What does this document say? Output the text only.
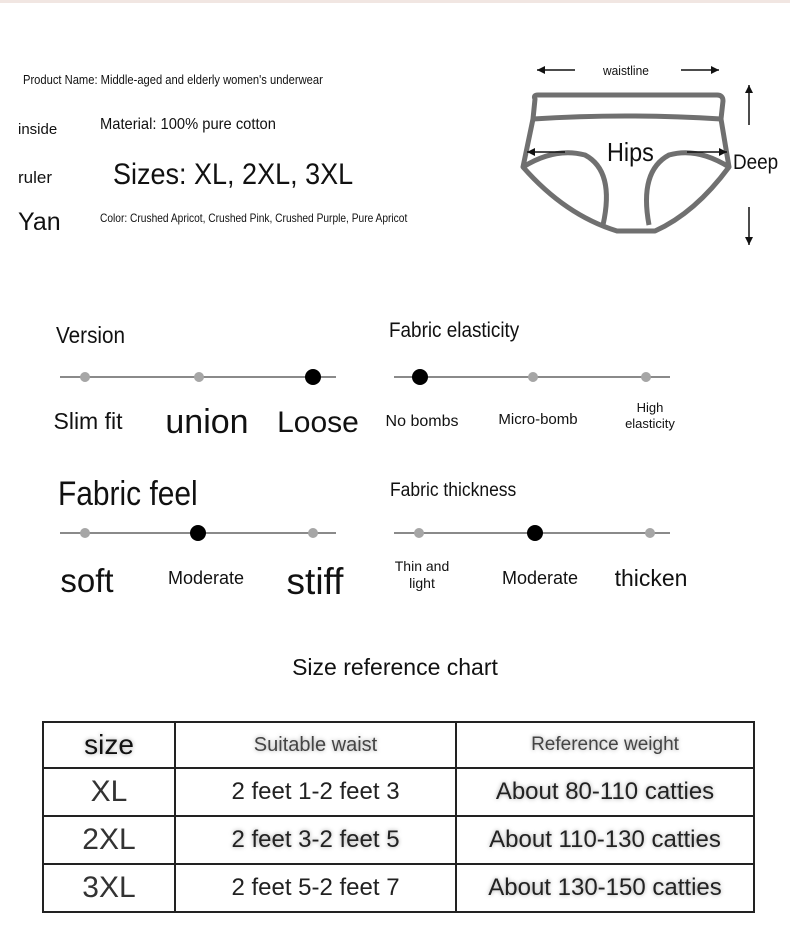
Product Name: Middle-aged and elderly women's underwear
inside
ruler
Yan
Material: 100% pure cotton
Sizes: XL, 2XL, 3XL
Color: Crushed Apricot, Crushed Pink, Crushed Purple, Pure Apricot
waistline
Hips	Deep
Version
Slim fit union Loose
Fabric elasticity
No bombs	Micro-bomb
High elasticity
Fabric feel
soft	Moderate stiff
Fabric thickness
Thin and light	Moderate thicken
Size reference chart
size	Suitable waist	Reference weight
XL	2 feet 1-2 feet 3	About 80-110 catties
2XL	2 feet 3-2 feet 5	About 110-130 catties
3XL	2 feet 5-2 feet 7	About 130-150 catties
